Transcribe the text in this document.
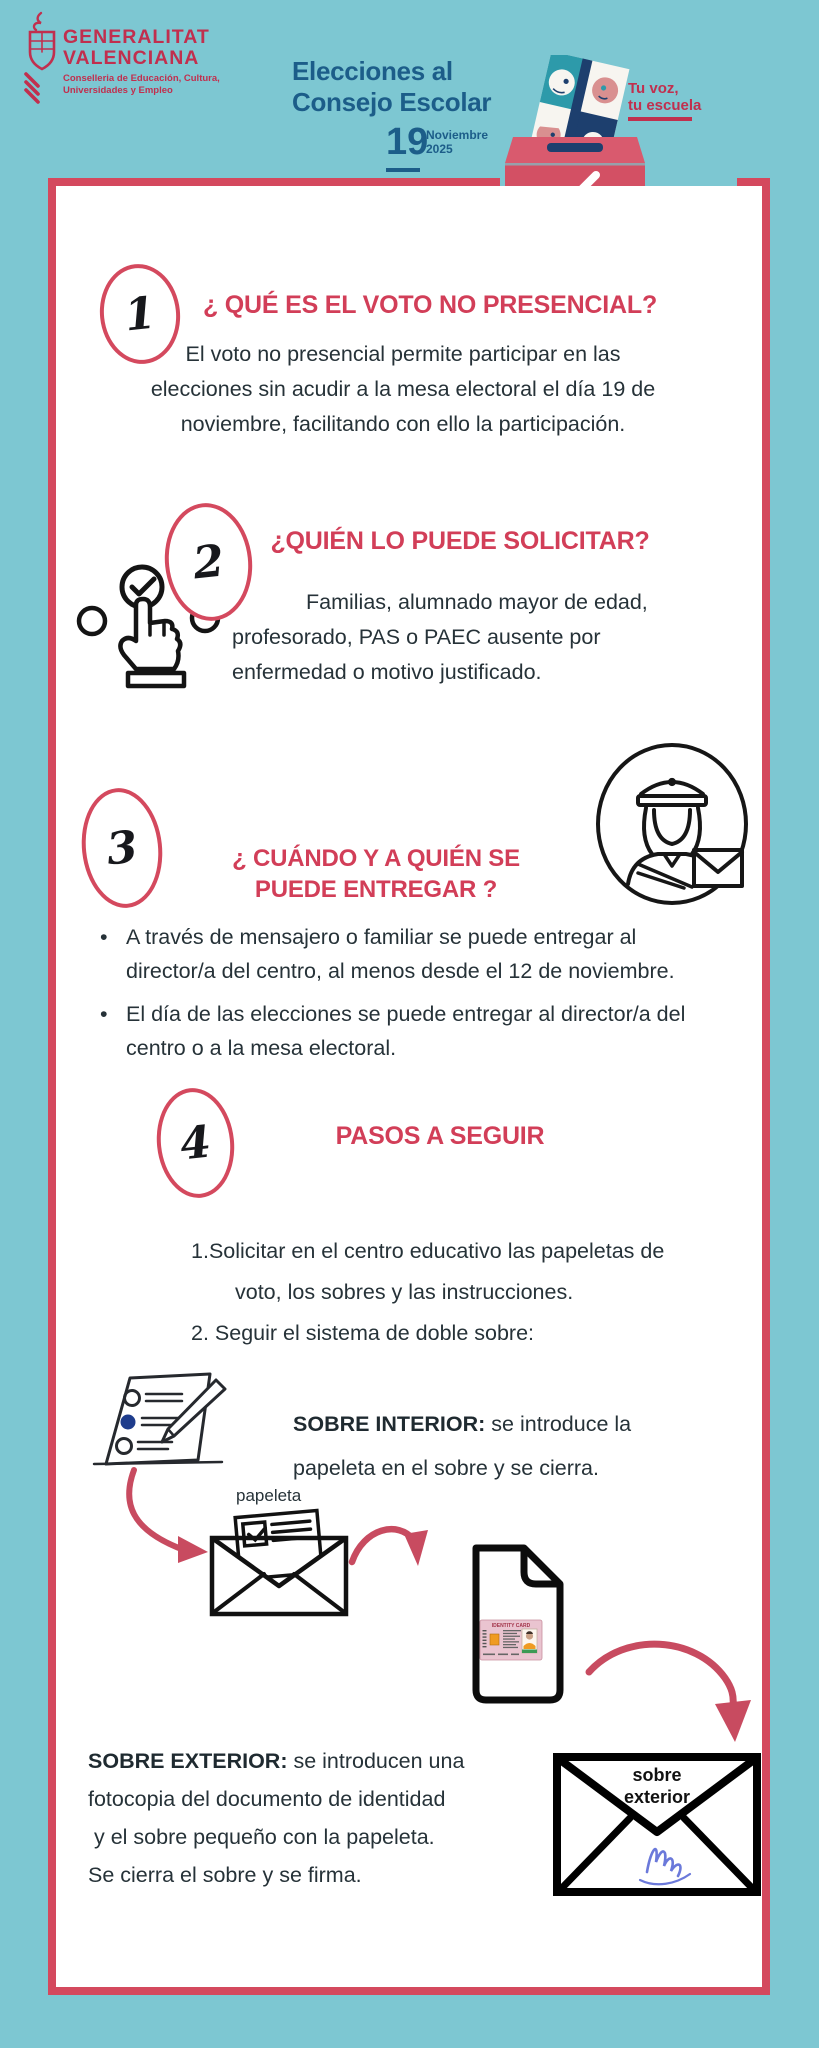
GENERALITAT
VALENCIANA
Conselleria de Educación, Cultura,
Universidades y Empleo
Elecciones al
Consejo Escolar
19
Noviembre
2025
Tu voz,
tu escuela
1	¿ QUÉ ES EL VOTO NO PRESENCIAL?
El voto no presencial permite participar en las
elecciones sin acudir a la mesa electoral el día 19 de
noviembre, facilitando con ello la participación.
2	¿QUIÉN LO PUEDE SOLICITAR?
Familias, alumnado mayor de edad,
profesorado, PAS o PAEC ausente por
enfermedad o motivo justificado.
3	¿ CUÁNDO Y A QUIÉN SE
PUEDE ENTREGAR ?
• A través de mensajero o familiar se puede entregar al
director/a del centro, al menos desde el 12 de noviembre.
• El día de las elecciones se puede entregar al director/a del
centro o a la mesa electoral.
4	PASOS A SEGUIR
1. Solicitar en el centro educativo las papeletas de
voto, los sobres y las instrucciones.
2. Seguir el sistema de doble sobre:
SOBRE INTERIOR: se introduce la
papeleta en el sobre y se cierra.
papeleta
IDENTITY CARD
SOBRE EXTERIOR: se introducen una
fotocopia del documento de identidad
y el sobre pequeño con la papeleta.
Se cierra el sobre y se firma.
sobre
exterior
